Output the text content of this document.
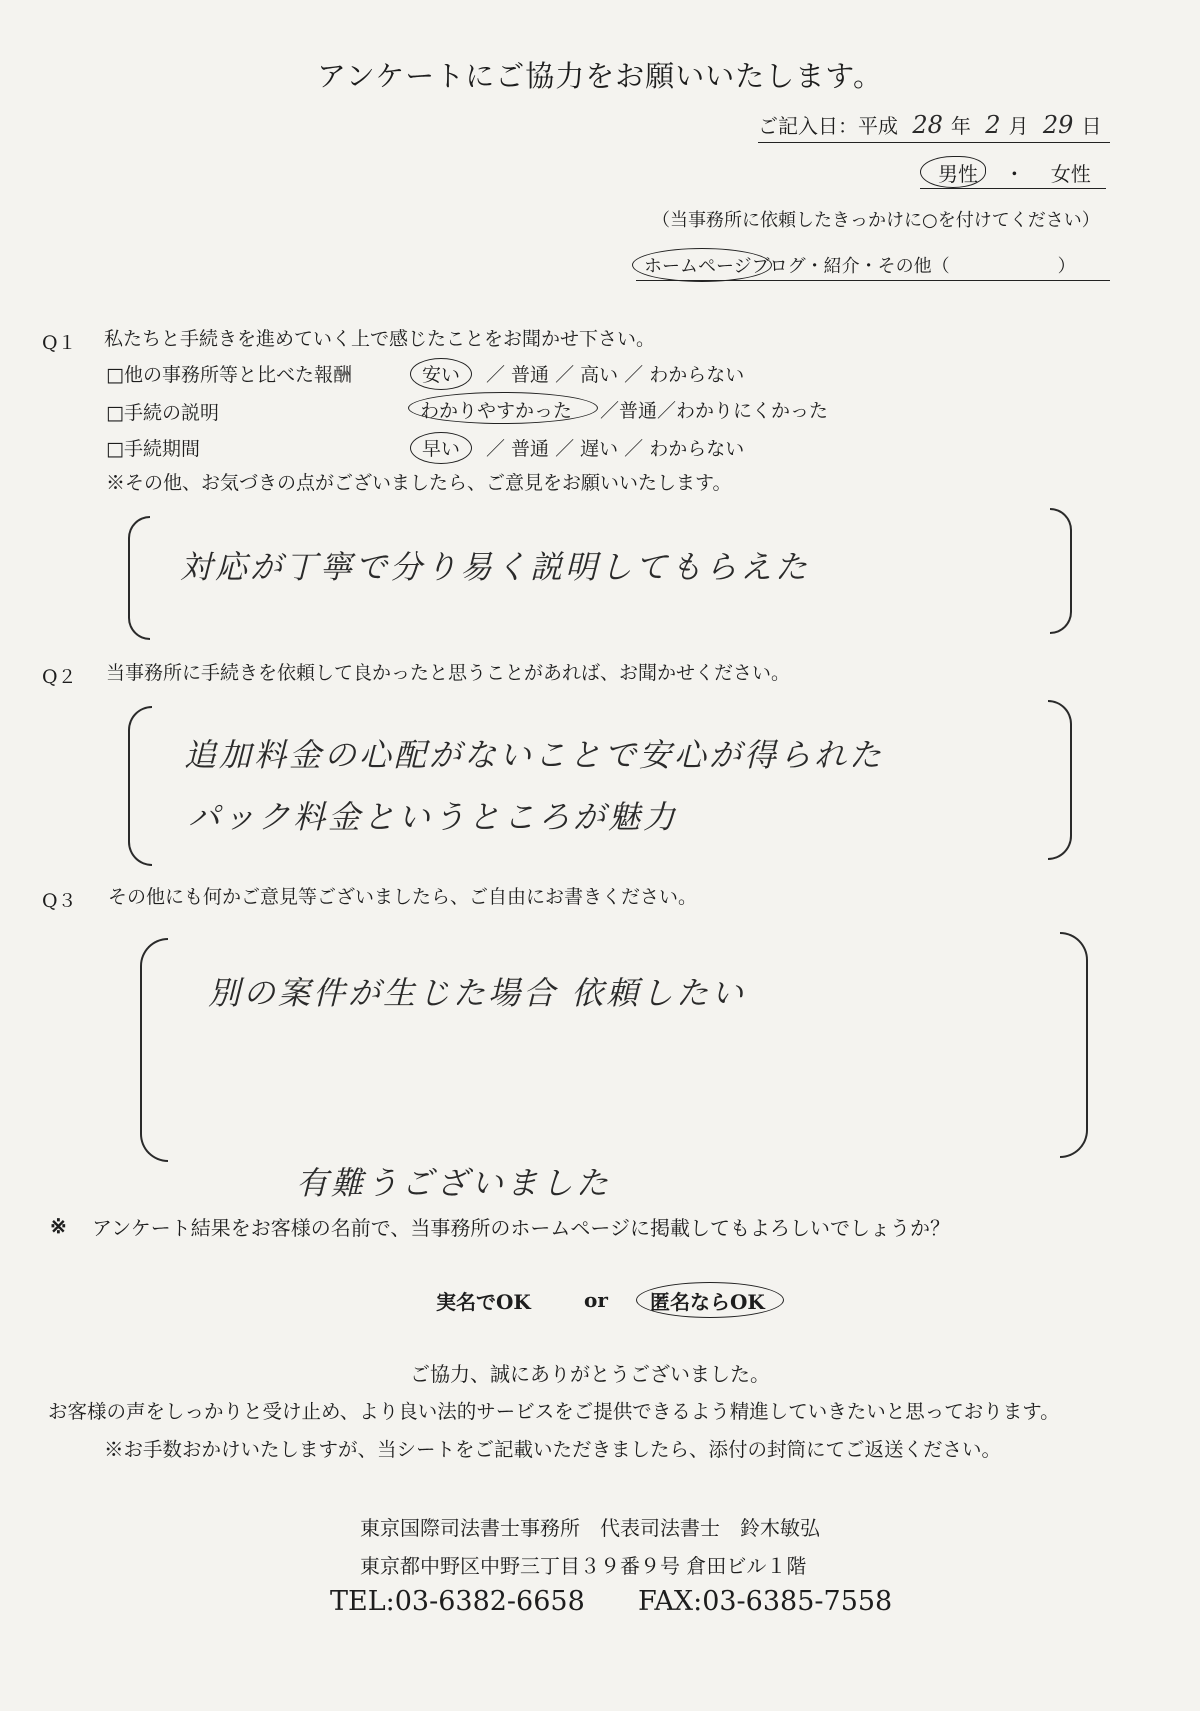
アンケートにご協力をお願いいたします。
ご記入日：平成 28 年 2 月 29 日
男性 ・ 女性
（当事務所に依頼したきっかけに○を付けてください）
ホームページブログ・紹介・その他（　　　　　　）
Q１ 私たちと手続きを進めていく上で感じたことをお聞かせ下さい。
□他の事務所等と比べた報酬	安い ／ 普通 ／ 高い ／ わからない
□手続の説明	わかりやすかった ／普通／わかりにくかった
□手続期間	早い ／ 普通 ／ 遅い ／ わからない
※その他、お気づきの点がございましたら、ご意見をお願いいたします。
対応が丁寧で分り易く説明してもらえた
Q２ 当事務所に手続きを依頼して良かったと思うことがあれば、お聞かせください。
追加料金の心配がないことで安心が得られた
パック料金というところが魅力
Q３ その他にも何かご意見等ございましたら、ご自由にお書きください。
別の案件が生じた場合 依頼したい
有難うございました
※ アンケート結果をお客様の名前で、当事務所のホームページに掲載してもよろしいでしょうか？
実名でOK	or 匿名ならOK
ご協力、誠にありがとうございました。
お客様の声をしっかりと受け止め、より良い法的サービスをご提供できるよう精進していきたいと思っております。
※お手数おかけいたしますが、当シートをご記載いただきましたら、添付の封筒にてご返送ください。
東京国際司法書士事務所　代表司法書士　鈴木敏弘
東京都中野区中野三丁目３９番９号 倉田ビル１階
TEL:03-6382-6658 FAX:03-6385-7558
